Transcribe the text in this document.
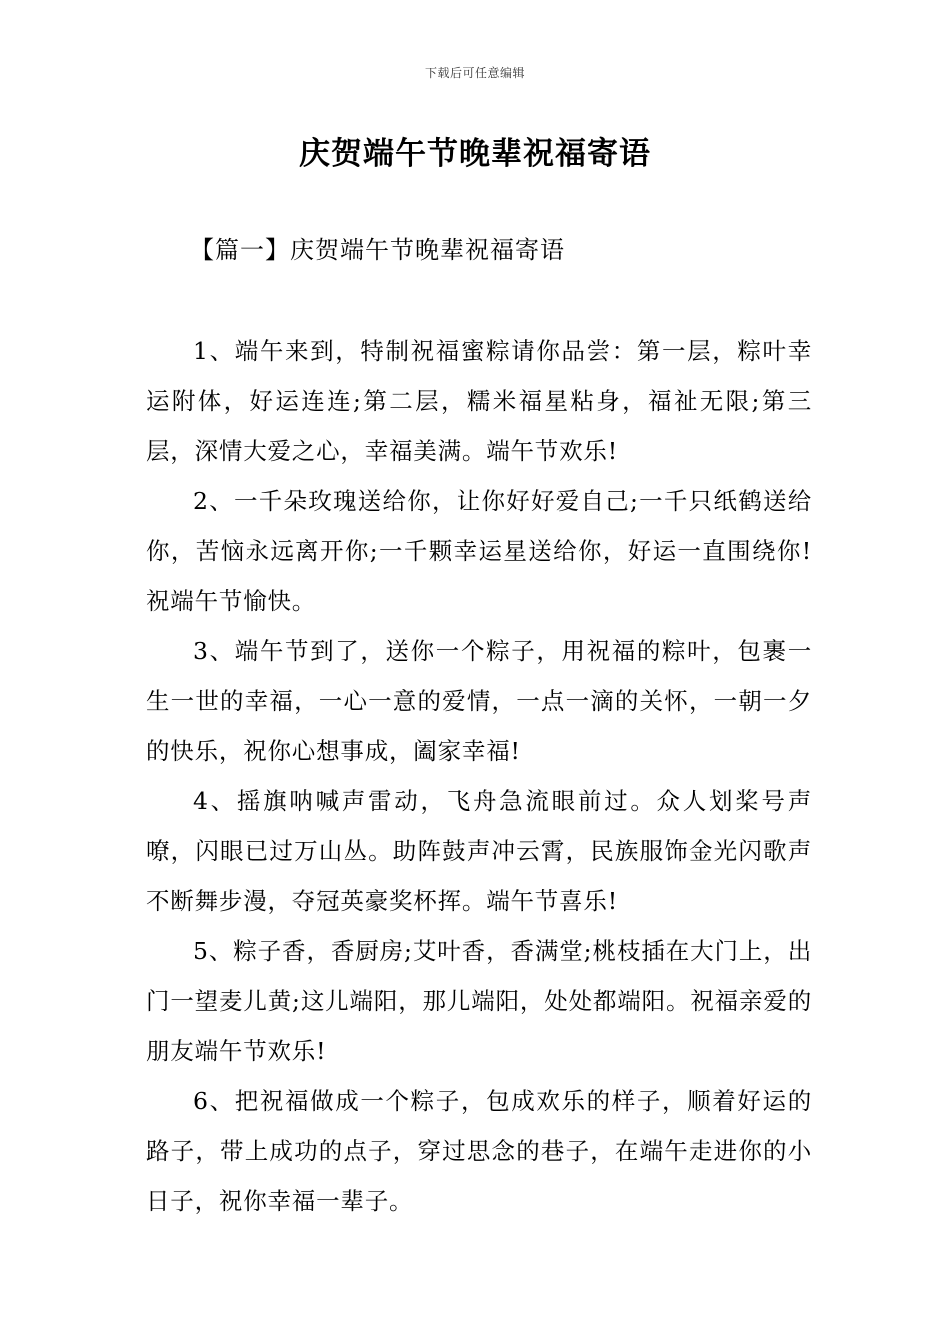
下载后可任意编辑
庆贺端午节晚辈祝福寄语
【篇一】庆贺端午节晚辈祝福寄语

1、端午来到，特制祝福蜜粽请你品尝：第一层，粽叶幸运附体，好运连连;第二层，糯米福星粘身，福祉无限;第三层，深情大爱之心，幸福美满。端午节欢乐!

2、一千朵玫瑰送给你，让你好好爱自己;一千只纸鹤送给你，苦恼永远离开你;一千颗幸运星送给你，好运一直围绕你!祝端午节愉快。

3、端午节到了，送你一个粽子，用祝福的粽叶，包裹一生一世的幸福，一心一意的爱情，一点一滴的关怀，一朝一夕的快乐，祝你心想事成，阖家幸福!

4、摇旗呐喊声雷动，飞舟急流眼前过。众人划桨号声嘹，闪眼已过万山丛。助阵鼓声冲云霄，民族服饰金光闪歌声不断舞步漫，夺冠英豪奖杯挥。端午节喜乐!

5、粽子香，香厨房;艾叶香，香满堂;桃枝插在大门上，出门一望麦儿黄;这儿端阳，那儿端阳，处处都端阳。祝福亲爱的朋友端午节欢乐!

6、把祝福做成一个粽子，包成欢乐的样子，顺着好运的路子，带上成功的点子，穿过思念的巷子，在端午走进你的小日子，祝你幸福一辈子。
